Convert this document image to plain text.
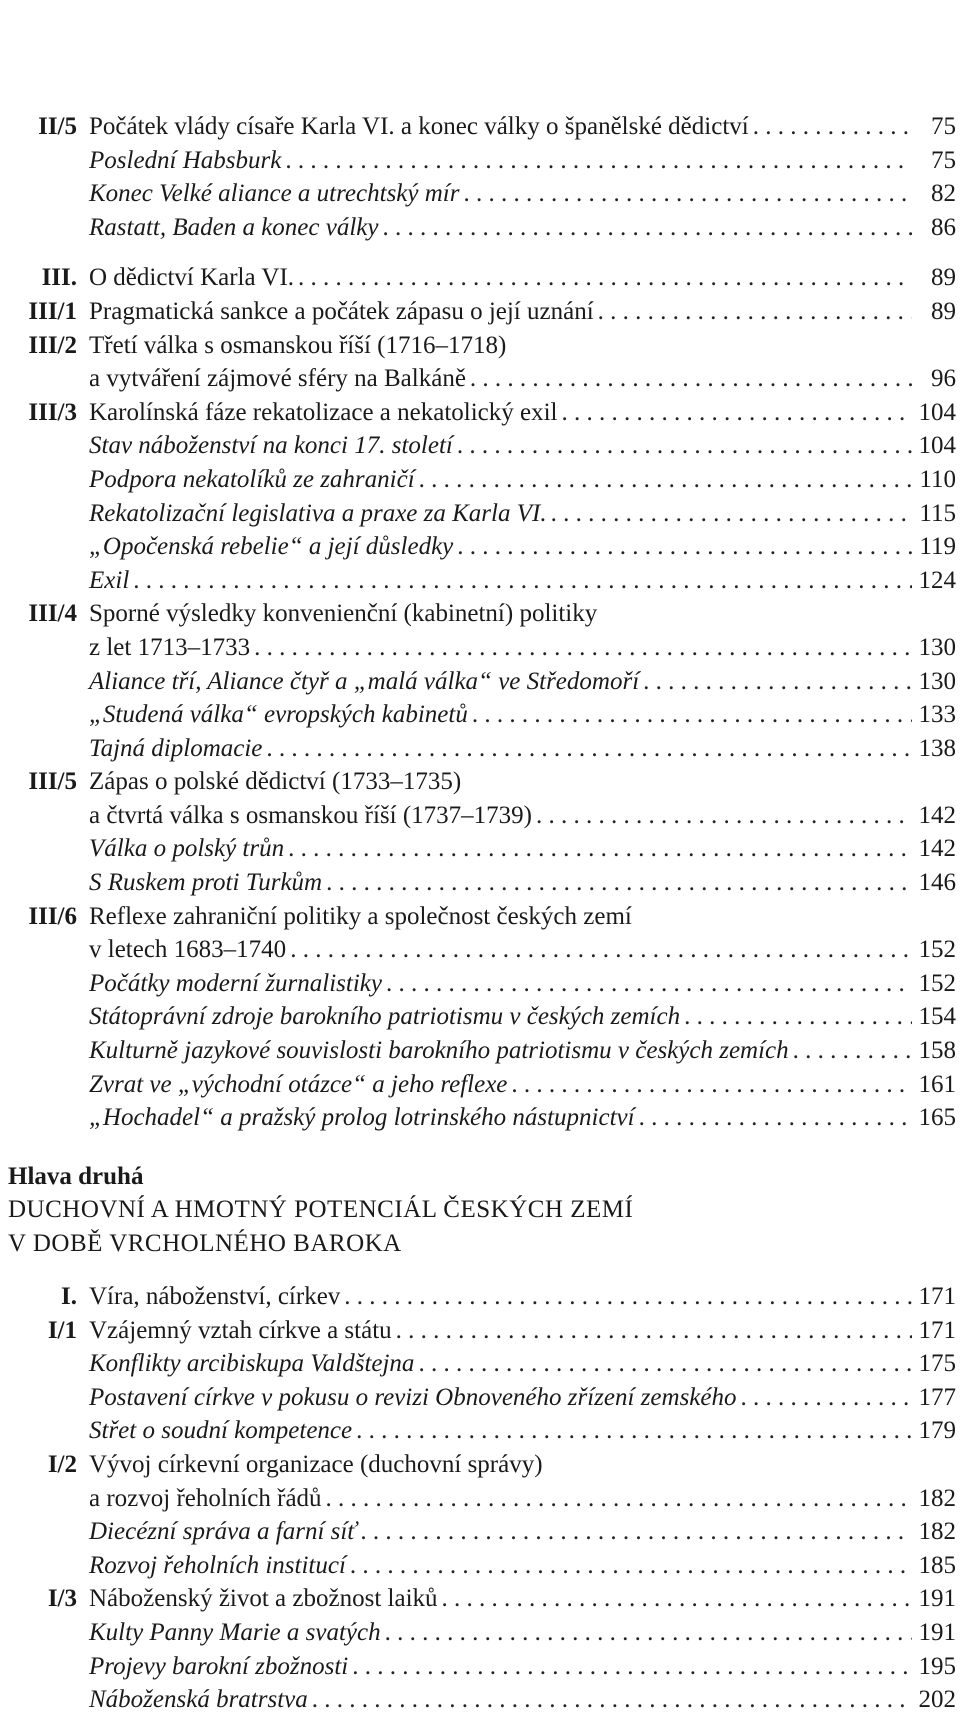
II/5 Počátek vlády císaře Karla VI. a konec války o španělské dědictví . . .	75
Poslední Habsburk . . .	75
Konec Velké aliance a utrechtský mír . . .	82
Rastatt, Baden a konec války . . .	86
III. O dědictví Karla VI. . . .	89
III/1 Pragmatická sankce a počátek zápasu o její uznání . . .	89
III/2 Třetí válka s osmanskou říší (1716–1718)
a vytváření zájmové sféry na Balkáně . . .	96
III/3 Karolínská fáze rekatolizace a nekatolický exil . . .	104
Stav náboženství na konci 17. století . . .	104
Podpora nekatolíků ze zahraničí . . .	110
Rekatolizační legislativa a praxe za Karla VI. . . .	115
„Opočenská rebelie“ a její důsledky . . .	119
Exil . . .	124
III/4 Sporné výsledky konvenienční (kabinetní) politiky
z let 1713–1733 . . .	130
Aliance tří, Aliance čtyř a „malá válka“ ve Středomoří . . .	130
„Studená válka“ evropských kabinetů . . .	133
Tajná diplomacie . . .	138
III/5 Zápas o polské dědictví (1733–1735)
a čtvrtá válka s osmanskou říší (1737–1739) . . .	142
Válka o polský trůn . . .	142
S Ruskem proti Turkům . . .	146
III/6 Reflexe zahraniční politiky a společnost českých zemí
v letech 1683–1740 . . .	152
Počátky moderní žurnalistiky . . .	152
Státoprávní zdroje barokního patriotismu v českých zemích . . .	154
Kulturně jazykové souvislosti barokního patriotismu v českých zemích . . .	158
Zvrat ve „východní otázce“ a jeho reflexe . . .	161
„Hochadel“ a pražský prolog lotrinského nástupnictví . . .	165
Hlava druhá
DUCHOVNÍ A HMOTNÝ POTENCIÁL ČESKÝCH ZEMÍ
V DOBĚ VRCHOLNÉHO BAROKA
I. Víra, náboženství, církev . . .	171
I/1 Vzájemný vztah církve a státu . . .	171
Konflikty arcibiskupa Valdštejna . . .	175
Postavení církve v pokusu o revizi Obnoveného zřízení zemského . . .	177
Střet o soudní kompetence . . .	179
I/2 Vývoj církevní organizace (duchovní správy)
a rozvoj řeholních řádů . . .	182
Diecézní správa a farní síť . . .	182
Rozvoj řeholních institucí . . .	185
I/3 Náboženský život a zbožnost laiků . . .	191
Kulty Panny Marie a svatých . . .	191
Projevy barokní zbožnosti . . .	195
Náboženská bratrstva . . .	202
